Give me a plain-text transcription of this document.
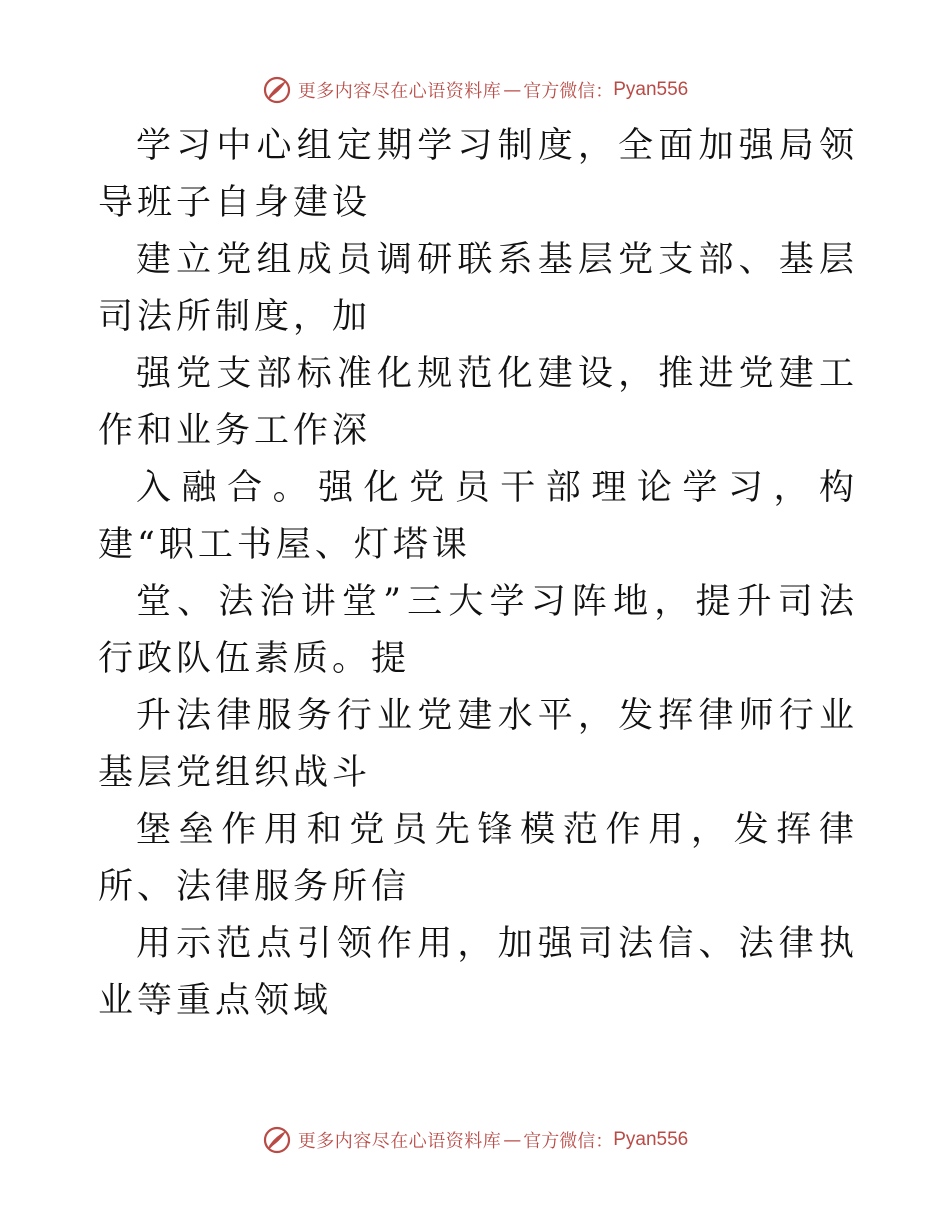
更多内容尽在心语资料库 — 官方微信： Pyan556

学习中心组定期学习制度，全面加强局领导班子自身建设

建立党组成员调研联系基层党支部、基层司法所制度，加

强党支部标准化规范化建设，推进党建工作和业务工作深

入融合。强化党员干部理论学习，构建“职工书屋、灯塔课

堂、法治讲堂”三大学习阵地，提升司法行政队伍素质。提

升法律服务行业党建水平，发挥律师行业基层党组织战斗

堡垒作用和党员先锋模范作用，发挥律所、法律服务所信

用示范点引领作用，加强司法信、法律执业等重点领域

更多内容尽在心语资料库 — 官方微信： Pyan556
